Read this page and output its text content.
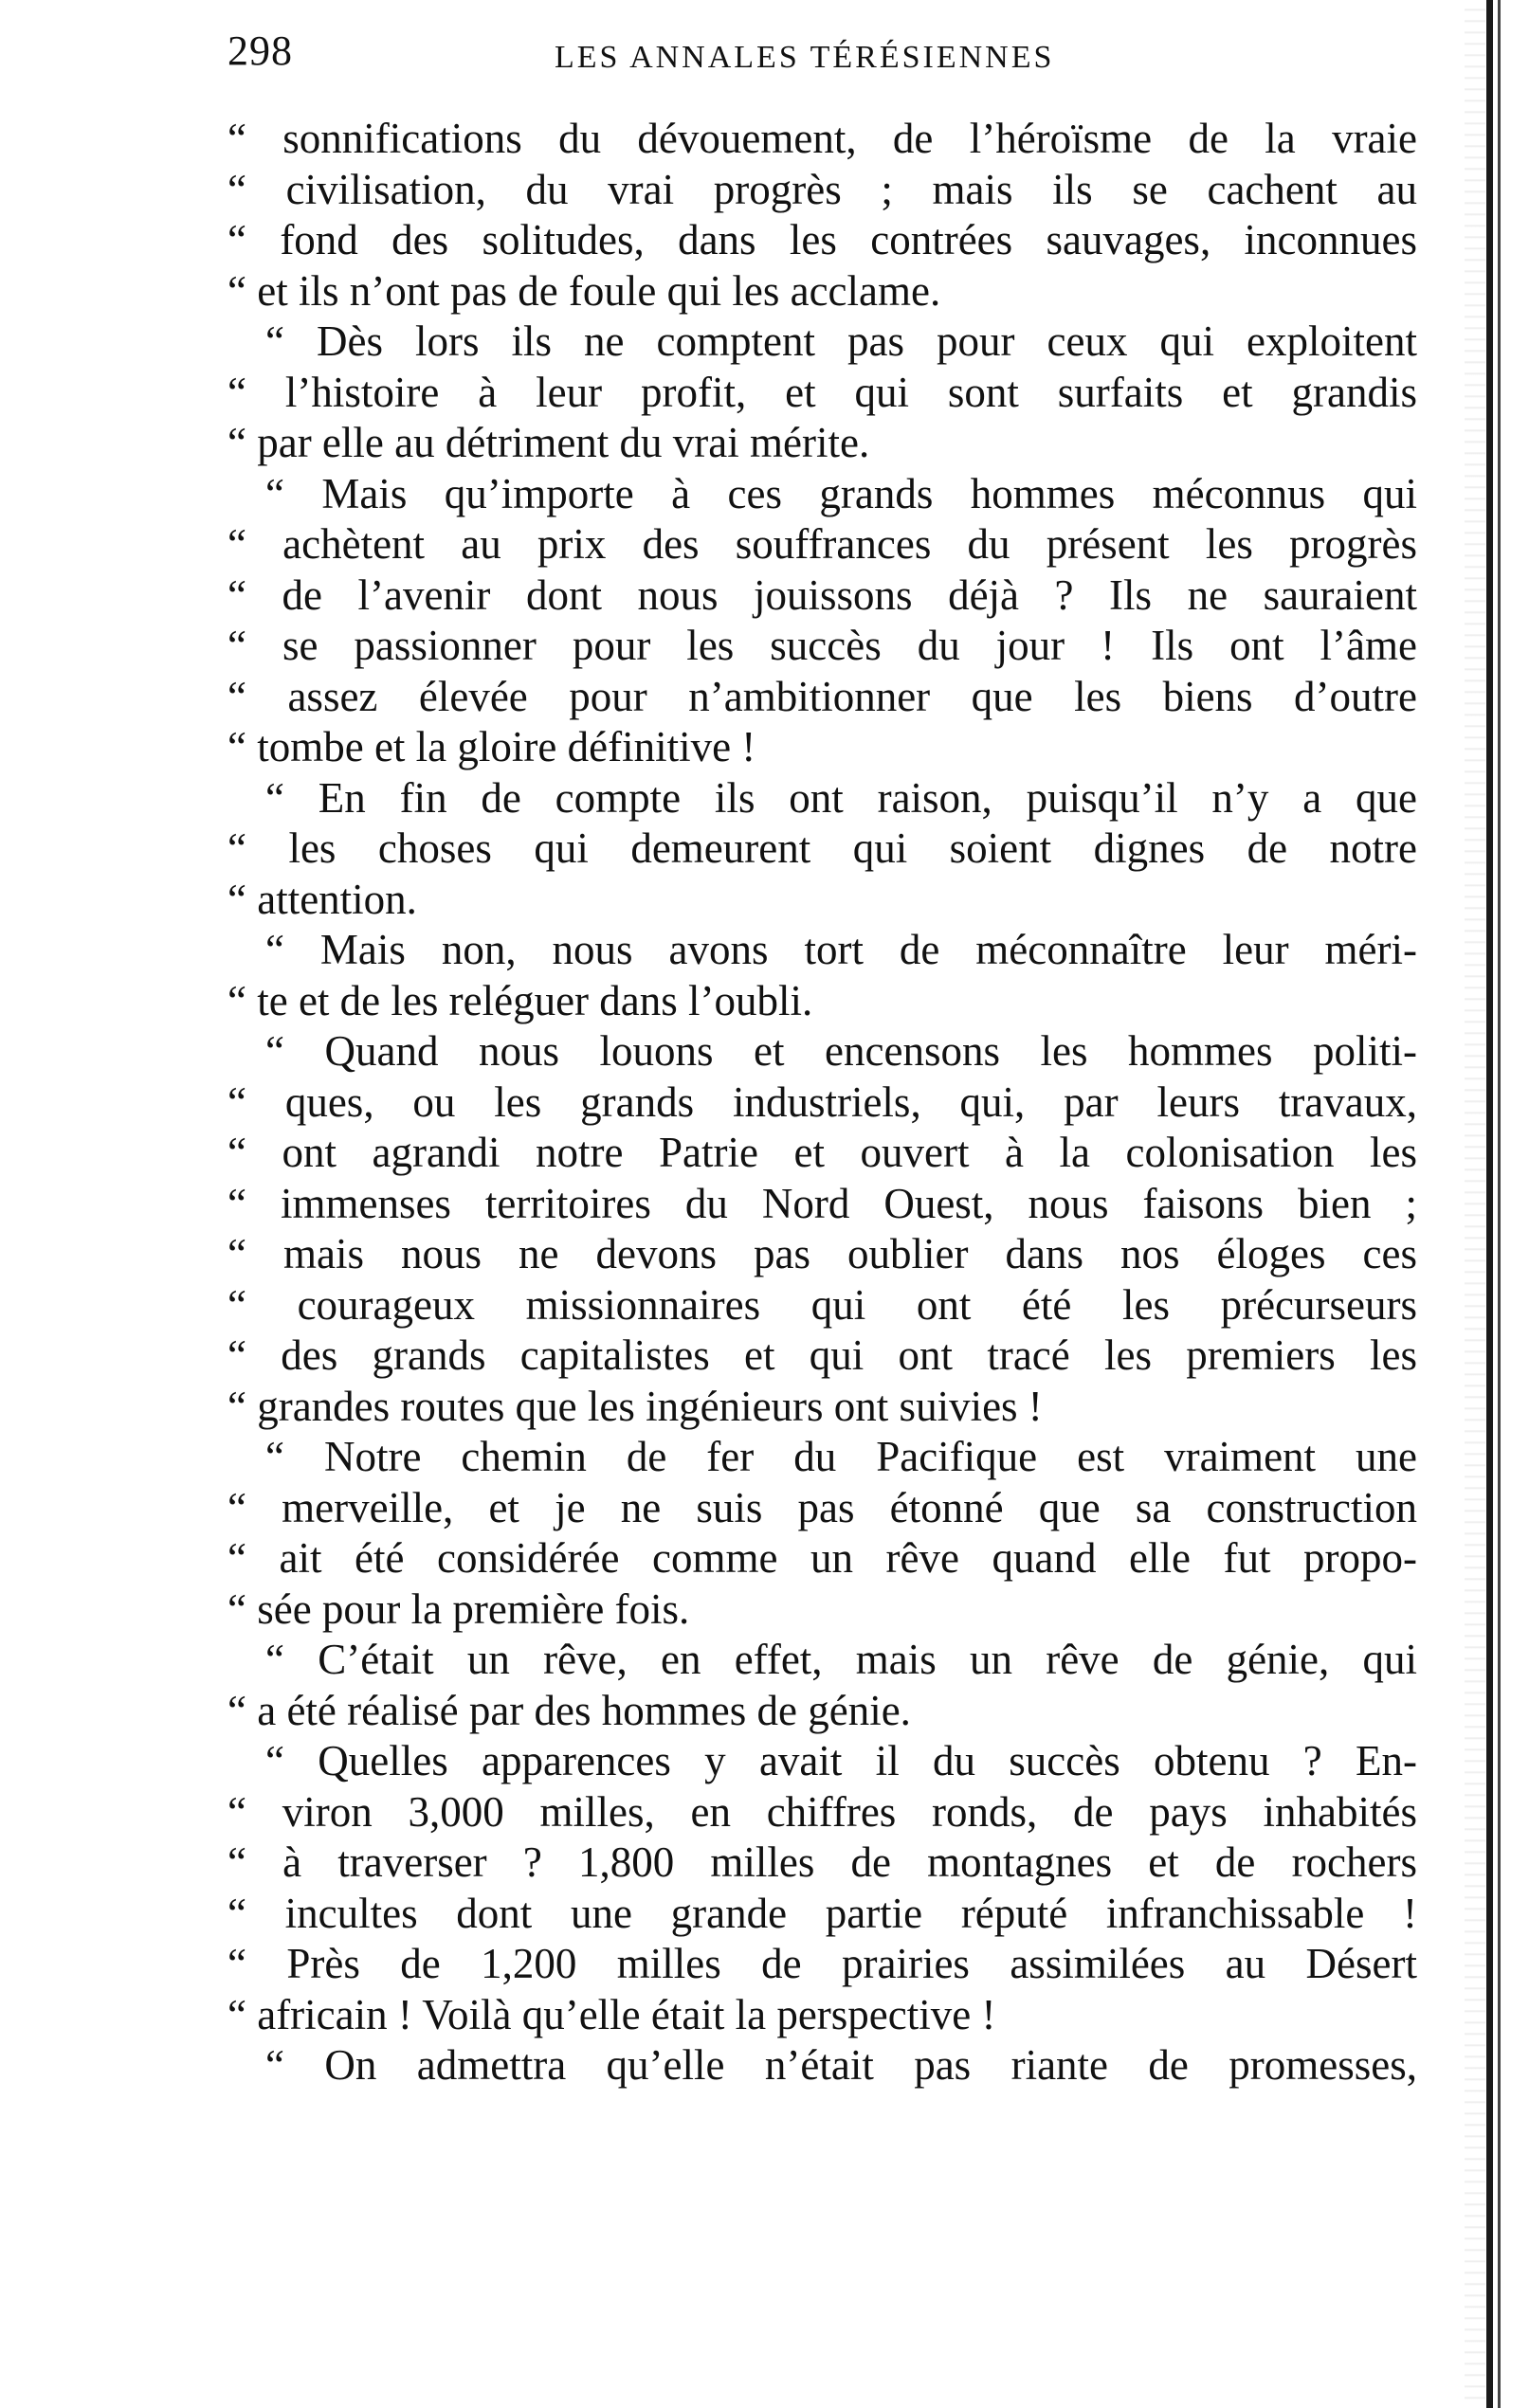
298	LES ANNALES TÉRÉSIENNES
“ sonnifications du dévouement, de l’héroïsme de la vraie
“ civilisation, du vrai progrès ; mais ils se cachent au
“ fond des solitudes, dans les contrées sauvages, inconnues
“ et ils n’ont pas de foule qui les acclame.
“ Dès lors ils ne comptent pas pour ceux qui exploitent
“ l’histoire à leur profit, et qui sont surfaits et grandis
“ par elle au détriment du vrai mérite.
“ Mais qu’importe à ces grands hommes méconnus qui
“ achètent au prix des souffrances du présent les progrès
“ de l’avenir dont nous jouissons déjà ? Ils ne sauraient
“ se passionner pour les succès du jour ! Ils ont l’âme
“ assez élevée pour n’ambitionner que les biens d’outre
“ tombe et la gloire définitive !
“ En fin de compte ils ont raison, puisqu’il n’y a que
“ les choses qui demeurent qui soient dignes de notre
“ attention.
“ Mais non, nous avons tort de méconnaître leur méri-
“ te et de les reléguer dans l’oubli.
“ Quand nous louons et encensons les hommes politi-
“ ques, ou les grands industriels, qui, par leurs travaux,
“ ont agrandi notre Patrie et ouvert à la colonisation les
“ immenses territoires du Nord Ouest, nous faisons bien ;
“ mais nous ne devons pas oublier dans nos éloges ces
“ courageux missionnaires qui ont été les précurseurs
“ des grands capitalistes et qui ont tracé les premiers les
“ grandes routes que les ingénieurs ont suivies !
“ Notre chemin de fer du Pacifique est vraiment une
“ merveille, et je ne suis pas étonné que sa construction
“ ait été considérée comme un rêve quand elle fut propo-
“ sée pour la première fois.
“ C’était un rêve, en effet, mais un rêve de génie, qui
“ a été réalisé par des hommes de génie.
“ Quelles apparences y avait il du succès obtenu ? En-
“ viron 3,000 milles, en chiffres ronds, de pays inhabités
“ à traverser ? 1,800 milles de montagnes et de rochers
“ incultes dont une grande partie réputé infranchissable !
“ Près de 1,200 milles de prairies assimilées au Désert
“ africain ! Voilà qu’elle était la perspective !
“ On admettra qu’elle n’était pas riante de promesses,
